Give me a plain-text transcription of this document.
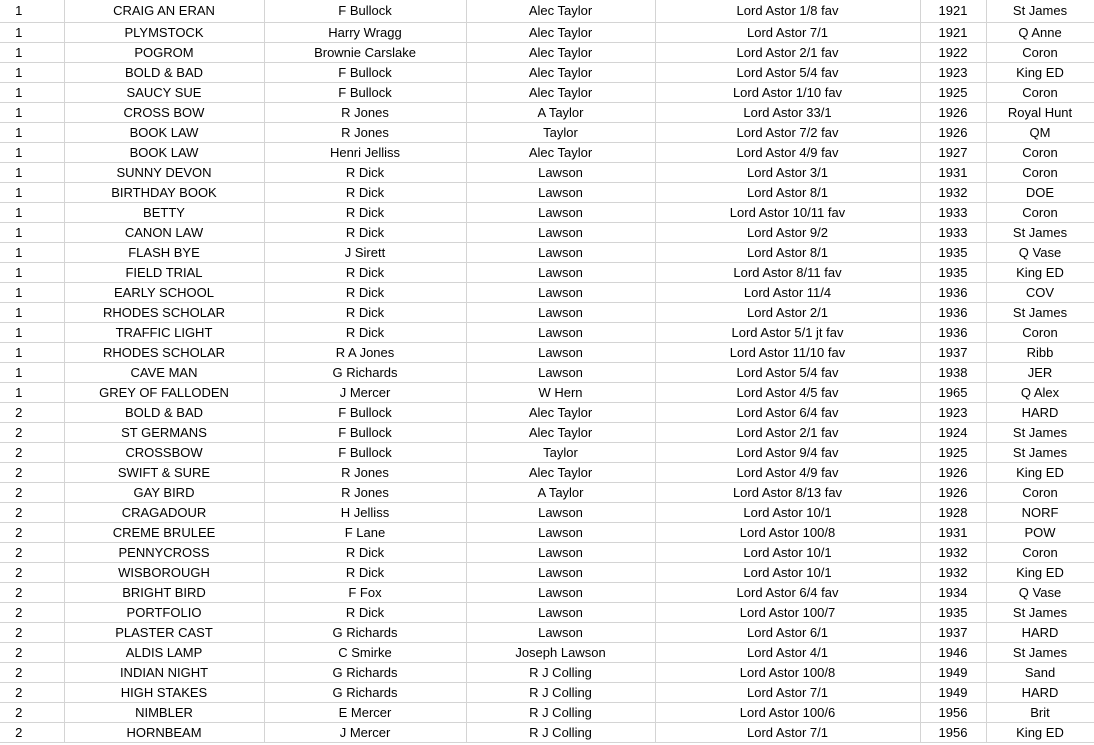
1	CRAIG AN ERAN	F Bullock	Alec Taylor	Lord Astor 1/8 fav	1921	St James
1	PLYMSTOCK	Harry Wragg	Alec Taylor	Lord Astor 7/1	1921	Q Anne
1	POGROM	Brownie Carslake	Alec Taylor	Lord Astor 2/1 fav	1922	Coron
1	BOLD & BAD	F Bullock	Alec Taylor	Lord Astor 5/4 fav	1923	King ED
1	SAUCY SUE	F Bullock	Alec Taylor	Lord Astor 1/10 fav	1925	Coron
1	CROSS BOW	R Jones	A Taylor	Lord Astor 33/1	1926	Royal Hunt
1	BOOK LAW	R Jones	Taylor	Lord Astor 7/2 fav	1926	QM
1	BOOK LAW	Henri Jelliss	Alec Taylor	Lord Astor 4/9 fav	1927	Coron
1	SUNNY DEVON	R Dick	Lawson	Lord Astor 3/1	1931	Coron
1	BIRTHDAY BOOK	R Dick	Lawson	Lord Astor 8/1	1932	DOE
1	BETTY	R Dick	Lawson	Lord Astor 10/11 fav	1933	Coron
1	CANON LAW	R Dick	Lawson	Lord Astor 9/2	1933	St James
1	FLASH BYE	J Sirett	Lawson	Lord Astor 8/1	1935	Q Vase
1	FIELD TRIAL	R Dick	Lawson	Lord Astor 8/11 fav	1935	King ED
1	EARLY SCHOOL	R Dick	Lawson	Lord Astor 11/4	1936	COV
1	RHODES SCHOLAR	R Dick	Lawson	Lord Astor 2/1	1936	St James
1	TRAFFIC LIGHT	R Dick	Lawson	Lord Astor 5/1 jt fav	1936	Coron
1	RHODES SCHOLAR	R A Jones	Lawson	Lord Astor 11/10 fav	1937	Ribb
1	CAVE MAN	G Richards	Lawson	Lord Astor 5/4 fav	1938	JER
1	GREY OF FALLODEN	J Mercer	W Hern	Lord Astor 4/5 fav	1965	Q Alex
2	BOLD & BAD	F Bullock	Alec Taylor	Lord Astor 6/4 fav	1923	HARD
2	ST GERMANS	F Bullock	Alec Taylor	Lord Astor 2/1 fav	1924	St James
2	CROSSBOW	F Bullock	Taylor	Lord Astor 9/4 fav	1925	St James
2	SWIFT & SURE	R Jones	Alec Taylor	Lord Astor 4/9 fav	1926	King ED
2	GAY BIRD	R Jones	A Taylor	Lord Astor 8/13 fav	1926	Coron
2	CRAGADOUR	H Jelliss	Lawson	Lord Astor 10/1	1928	NORF
2	CREME BRULEE	F Lane	Lawson	Lord Astor 100/8	1931	POW
2	PENNYCROSS	R Dick	Lawson	Lord Astor 10/1	1932	Coron
2	WISBOROUGH	R Dick	Lawson	Lord Astor 10/1	1932	King ED
2	BRIGHT BIRD	F Fox	Lawson	Lord Astor 6/4 fav	1934	Q Vase
2	PORTFOLIO	R Dick	Lawson	Lord Astor 100/7	1935	St James
2	PLASTER CAST	G Richards	Lawson	Lord Astor 6/1	1937	HARD
2	ALDIS LAMP	C Smirke	Joseph Lawson	Lord Astor 4/1	1946	St James
2	INDIAN NIGHT	G Richards	R J Colling	Lord Astor 100/8	1949	Sand
2	HIGH STAKES	G Richards	R J Colling	Lord Astor 7/1	1949	HARD
2	NIMBLER	E Mercer	R J Colling	Lord Astor 100/6	1956	Brit
2	HORNBEAM	J Mercer	R J Colling	Lord Astor 7/1	1956	King ED
